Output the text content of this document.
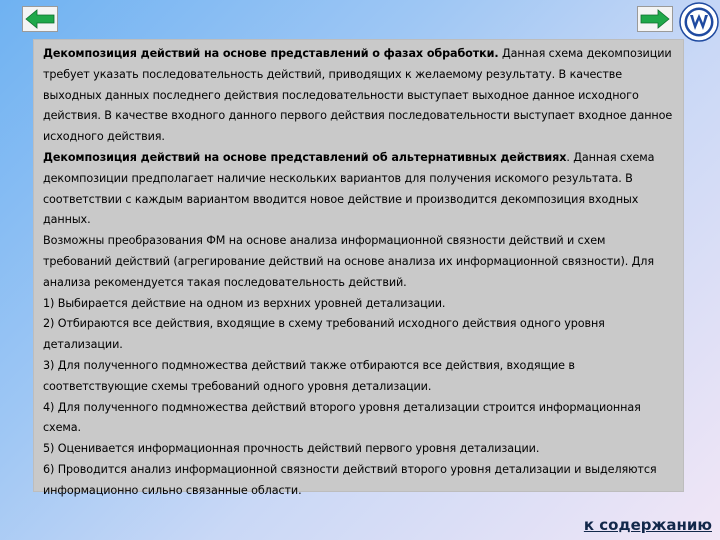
Декомпозиция действий на основе представлений о фазах обработки. Данная схема декомпозиции требует указать последовательность действий, приводящих к желаемому результату. В качестве выходных данных последнего действия последовательности выступает выходное данное исходного действия. В качестве входного данного первого действия последовательности выступает входное данное исходного действия.

Декомпозиция действий на основе представлений об альтернативных действиях. Данная схема декомпозиции предполагает наличие нескольких вариантов для получения искомого результата. В соответствии с каждым вариантом вводится новое действие и производится декомпозиция входных данных.

Возможны преобразования ФМ на основе анализа информационной связности действий и схем требований действий (агрегирование действий на основе анализа их информационной связности). Для анализа рекомендуется такая последовательность действий.

1) Выбирается действие на одном из верхних уровней детализации.

2) Отбираются все действия, входящие в схему требований исходного действия одного уровня детализации.

3) Для полученного подмножества действий также отбираются все действия, входящие в соответствующие схемы требований одного уровня детализации.

4) Для полученного подмножества действий второго уровня детализации строится информационная схема.

5) Оценивается информационная прочность действий первого уровня детализации.

6) Проводится анализ информационной связности действий второго уровня детализации и выделяются информационно сильно связанные области.

к содержанию
